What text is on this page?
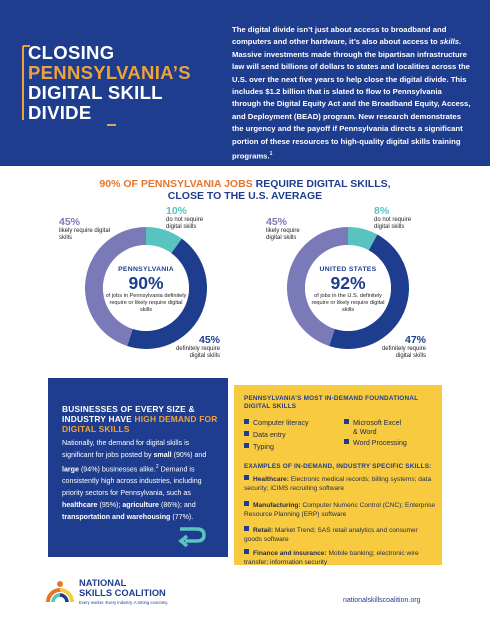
CLOSING
PENNSYLVANIA’S
DIGITAL SKILL
DIVIDE
The digital divide isn’t just about access to broadband and computers and other hardware, it’s also about access to skills. Massive investments made through the bipartisan infrastructure law will send billions of dollars to states and localities across the U.S. over the next five years to help close the digital divide. This includes $1.2 billion that is slated to flow to Pennsylvania through the Digital Equity Act and the Broadband Equity, Access, and Deployment (BEAD) program. New research demonstrates the urgency and the payoff if Pennsylvania directs a significant portion of these resources to high-quality digital skills training programs.$^1$
90% OF PENNSYLVANIA JOBS REQUIRE DIGITAL SKILLS,
CLOSE TO THE U.S. AVERAGE
45%
likely require digital skills
10%
do not require digital skills
45%
definitely require digital skills
PENNSYLVANIA
90%
of jobs in Pennsylvania definitely require or likely require digital skills
45%
likely require digital skills
8%
do not require digital skills
47%
definitely require digital skills
UNITED STATES
92%
of jobs in the U.S. definitely require or likely require digital skills
BUSINESSES OF EVERY SIZE & INDUSTRY HAVE HIGH DEMAND FOR DIGITAL SKILLS
Nationally, the demand for digital skills is significant for jobs posted by small (90%) and large (94%) businesses alike.$^2$ Demand is consistently high across industries, including priority sectors for Pennsylvania, such as healthcare (95%); agriculture (86%); and transportation and warehousing (77%).
PENNSYLVANIA’S MOST IN-DEMAND FOUNDATIONAL DIGITAL SKILLS
Computer literacy
Data entry
Typing
Microsoft Excel
& Word
Word Processing
EXAMPLES OF IN-DEMAND, INDUSTRY SPECIFIC SKILLS:
Healthcare: Electronic medical records; billing systems; data security; iCIMS recruiting software
Manufacturing: Computer Numeric Control (CNC); Enterprise Resource Planning (ERP) software
Retail: Market Trend; SAS retail analytics and consumer goods software
Finance and insurance: Mobile banking; electronic wire transfer; information security
NATIONAL
SKILLS COALITION
Every worker. Every industry. A strong economy.	nationalskillscoalition.org
